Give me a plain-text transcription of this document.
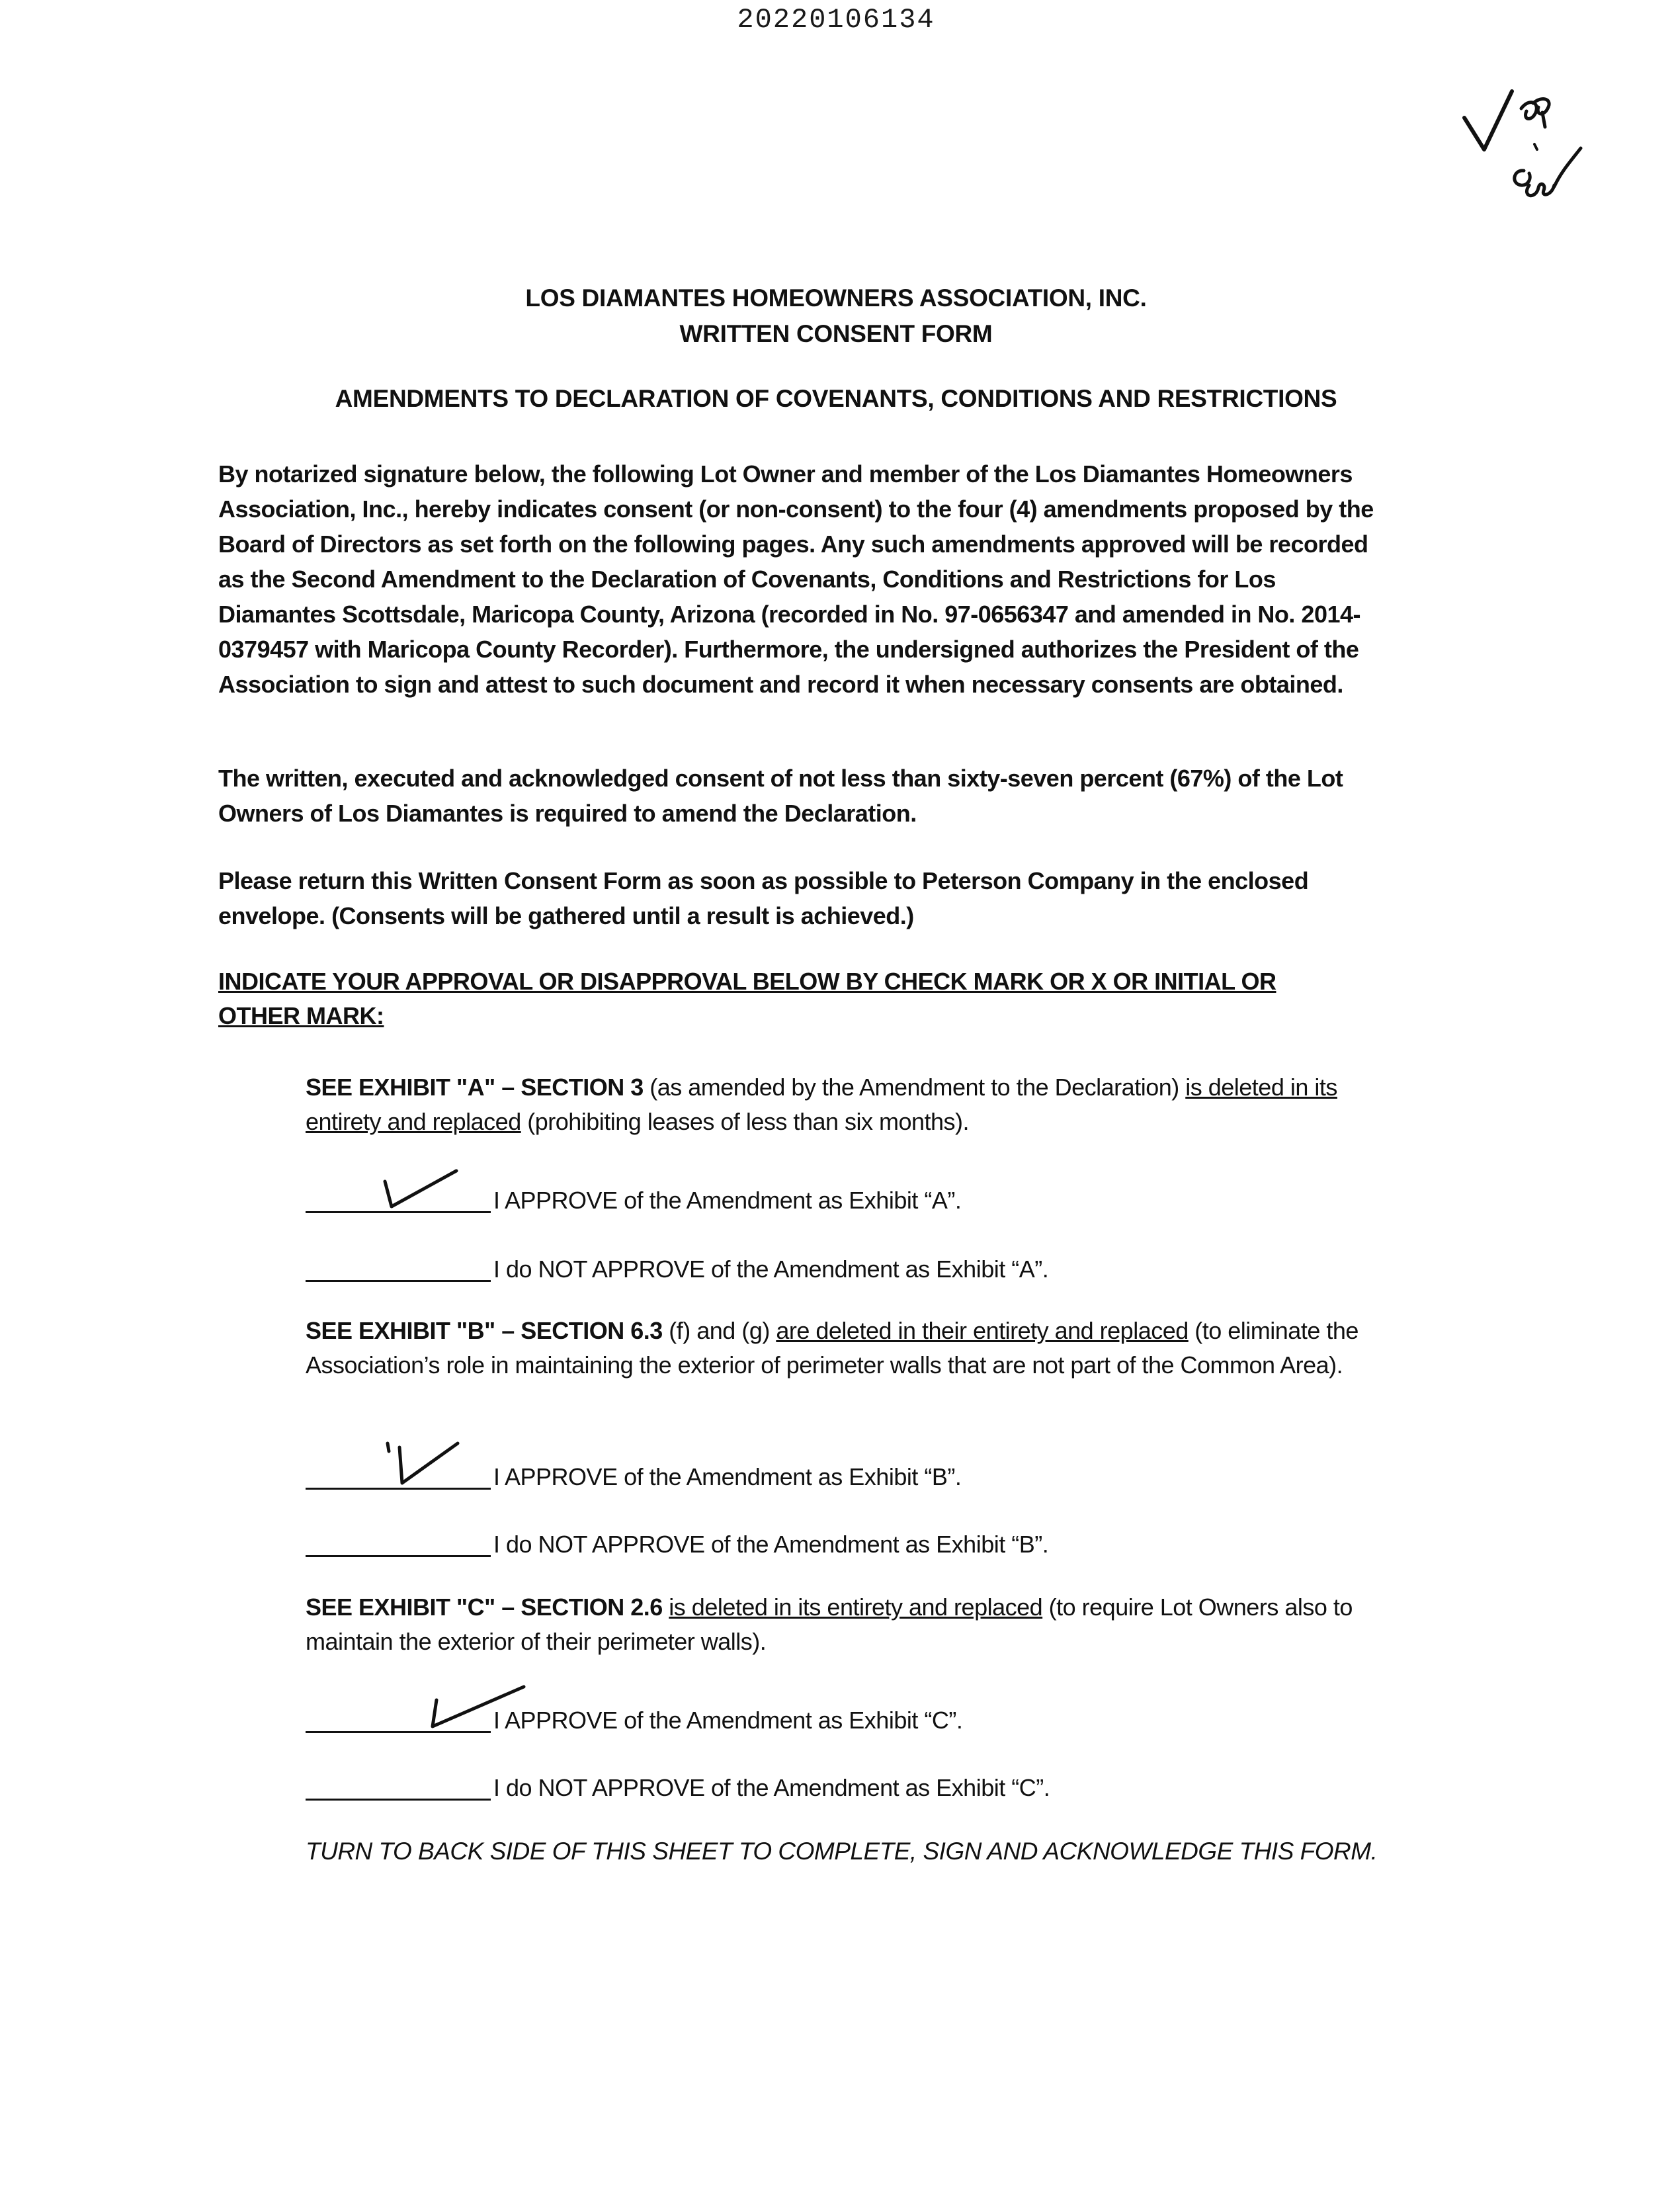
20220106134
LOS DIAMANTES HOMEOWNERS ASSOCIATION, INC.
WRITTEN CONSENT FORM
AMENDMENTS TO DECLARATION OF COVENANTS, CONDITIONS AND RESTRICTIONS

By notarized signature below, the following Lot Owner and member of the Los Diamantes Homeowners Association, Inc., hereby indicates consent (or non-consent) to the four (4) amendments proposed by the Board of Directors as set forth on the following pages. Any such amendments approved will be recorded as the Second Amendment to the Declaration of Covenants, Conditions and Restrictions for Los Diamantes Scottsdale, Maricopa County, Arizona (recorded in No. 97-0656347 and amended in No. 2014-0379457 with Maricopa County Recorder). Furthermore, the undersigned authorizes the President of the Association to sign and attest to such document and record it when necessary consents are obtained.

The written, executed and acknowledged consent of not less than sixty-seven percent (67%) of the Lot Owners of Los Diamantes is required to amend the Declaration.

Please return this Written Consent Form as soon as possible to Peterson Company in the enclosed envelope. (Consents will be gathered until a result is achieved.)

INDICATE YOUR APPROVAL OR DISAPPROVAL BELOW BY CHECK MARK OR X OR INITIAL OR OTHER MARK:
SEE EXHIBIT "A" – SECTION 3 (as amended by the Amendment to the Declaration) is deleted in its entirety and replaced (prohibiting leases of less than six months).
I APPROVE of the Amendment as Exhibit “A”.
I do NOT APPROVE of the Amendment as Exhibit “A”.
SEE EXHIBIT "B" – SECTION 6.3 (f) and (g) are deleted in their entirety and replaced (to eliminate the Association’s role in maintaining the exterior of perimeter walls that are not part of the Common Area).
I APPROVE of the Amendment as Exhibit “B”.
I do NOT APPROVE of the Amendment as Exhibit “B”.
SEE EXHIBIT "C" – SECTION 2.6 is deleted in its entirety and replaced (to require Lot Owners also to maintain the exterior of their perimeter walls).
I APPROVE of the Amendment as Exhibit “C”.
I do NOT APPROVE of the Amendment as Exhibit “C”.
TURN TO BACK SIDE OF THIS SHEET TO COMPLETE, SIGN AND ACKNOWLEDGE THIS FORM.
